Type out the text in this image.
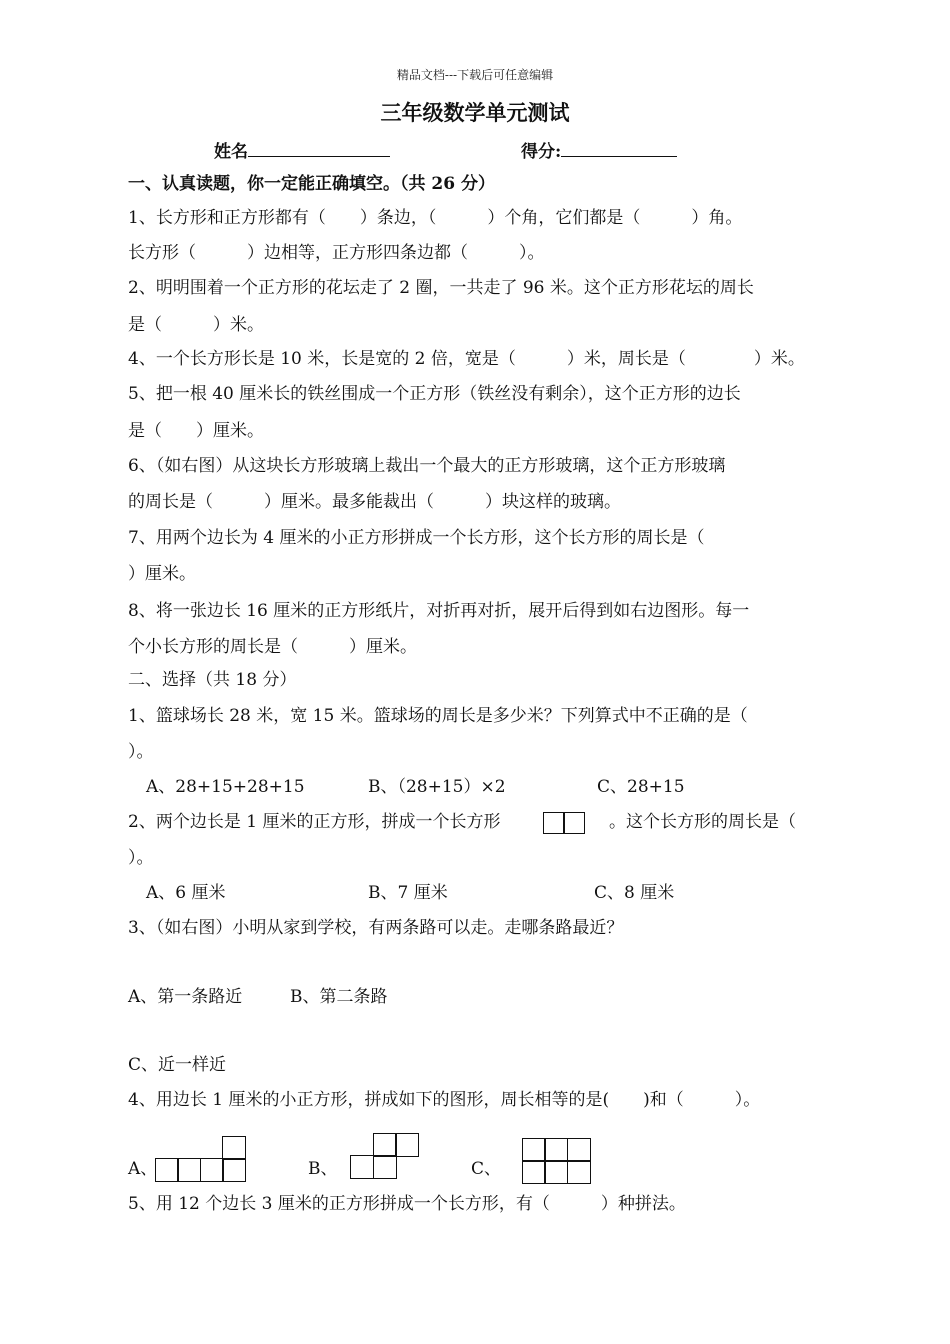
精品文档---下载后可任意编辑
三年级数学单元测试
姓名	得分:
一、认真读题，你一定能正确填空。（共 26 分）
1、长方形和正方形都有（　　）条边，（　　　）个角，它们都是（　　　）角。
长方形（　　　）边相等，正方形四条边都（　　　）。
2、明明围着一个正方形的花坛走了 2 圈，一共走了 96 米。这个正方形花坛的周长
是（　　　）米。
4、一个长方形长是 10 米，长是宽的 2 倍，宽是（　　　）米，周长是（　　　　）米。
5、把一根 40 厘米长的铁丝围成一个正方形（铁丝没有剩余），这个正方形的边长
是（　　）厘米。
6、（如右图）从这块长方形玻璃上裁出一个最大的正方形玻璃，这个正方形玻璃
的周长是（　　　）厘米。最多能裁出（　　　）块这样的玻璃。
7、用两个边长为 4 厘米的小正方形拼成一个长方形，这个长方形的周长是（
）厘米。
8、将一张边长 16 厘米的正方形纸片，对折再对折，展开后得到如右边图形。每一
个小长方形的周长是（　　　）厘米。
二、选择（共 18 分）
1、篮球场长 28 米，宽 15 米。篮球场的周长是多少米？下列算式中不正确的是（
）。
A、28+15+28+15	B、（28+15）×2	C、28+15
2、两个边长是 1 厘米的正方形，拼成一个长方形	。这个长方形的周长是（
）。
A、6 厘米	B、7 厘米	C、8 厘米
3、（如右图）小明从家到学校，有两条路可以走。走哪条路最近？
A、第一条路近	B、第二条路
C、近一样近
4、用边长 1 厘米的小正方形，拼成如下的图形，周长相等的是(　　)和（　　　）。
A、	B、	C、
5、用 12 个边长 3 厘米的正方形拼成一个长方形，有（　　　）种拼法。
